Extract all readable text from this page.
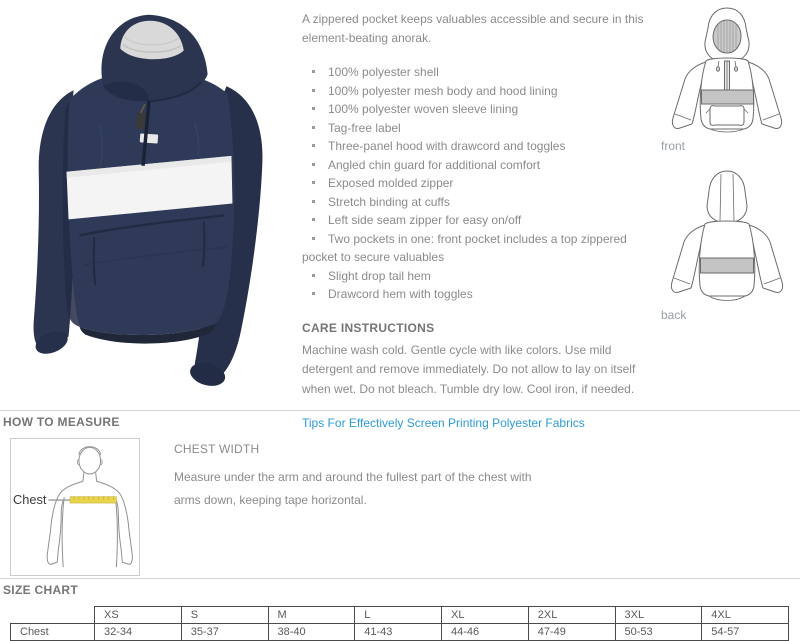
A zippered pocket keeps valuables accessible and secure in this element-beating anorak.

100% polyester shell
100% polyester mesh body and hood lining
100% polyester woven sleeve lining
Tag-free label
Three-panel hood with drawcord and toggles
Angled chin guard for additional comfort
Exposed molded zipper
Stretch binding at cuffs
Left side seam zipper for easy on/off
Two pockets in one: front pocket includes a top zippered pocket to secure valuables
Slight drop tail hem
Drawcord hem with toggles
CARE INSTRUCTIONS

Machine wash cold. Gentle cycle with like colors. Use mild detergent and remove immediately. Do not allow to lay on itself when wet. Do not bleach. Tumble dry low. Cool iron, if needed.

Tips For Effectively Screen Printing Polyester Fabrics
front
back
HOW TO MEASURE
Chest
CHEST WIDTH

Measure under the arm and around the fullest part of the chest with arms down, keeping tape horizontal.

SIZE CHART
	XS	S	M	L	XL	2XL	3XL	4XL
Chest	32-34	35-37	38-40	41-43	44-46	47-49	50-53	54-57
